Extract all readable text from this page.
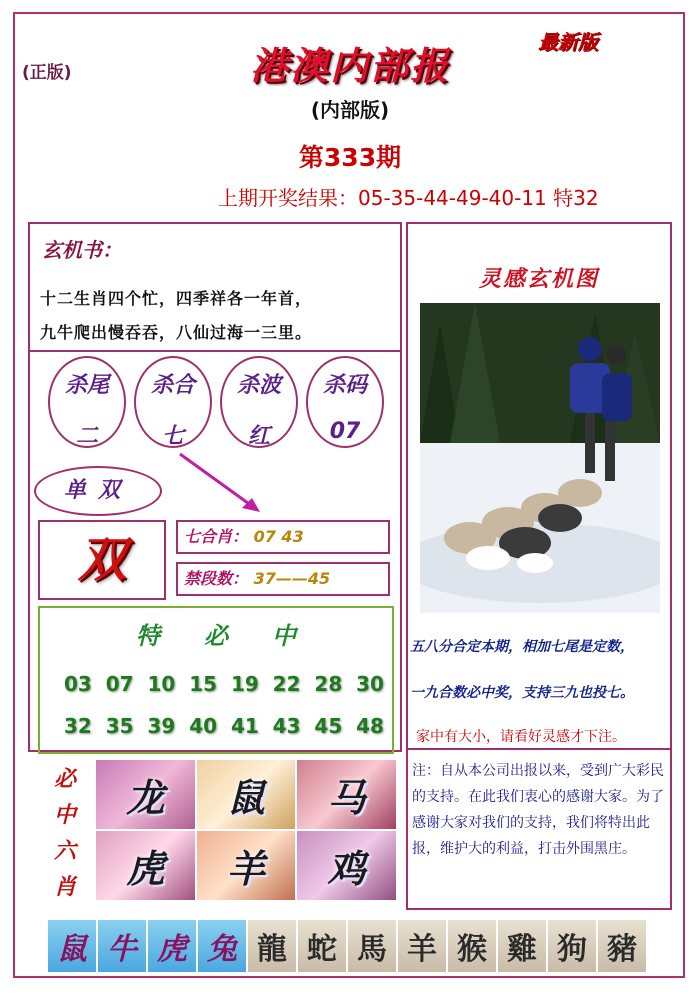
(正版)
最新版
港澳内部报
(内部版)
第333期
上期开奖结果：05-35-44-49-40-11 特32
玄机书：
十二生肖四个忙，四季祥各一年首，
九牛爬出慢吞吞，八仙过海一三里。
杀尾
二
杀合
七
杀波
红
杀码
07
单双
双	七合肖： 07 43
禁段数： 37——45
特必中
03 07 10 15 19 22 28 30
32 35 39 40 41 43 45 48
必
中
六
肖
龙	鼠	马
虎	羊	鸡
灵感玄机图
五八分合定本期，相加七尾是定数，
一九合数必中奖，支持三九也投七。
家中有大小，请看好灵感才下注。
注：自从本公司出报以来，受到广大彩民的支持。在此我们衷心的感谢大家。为了感谢大家对我们的支持，我们将特出此报，维护大的利益，打击外围黑庄。
鼠 牛 虎 兔 龍 蛇 馬 羊 猴 雞 狗 豬
